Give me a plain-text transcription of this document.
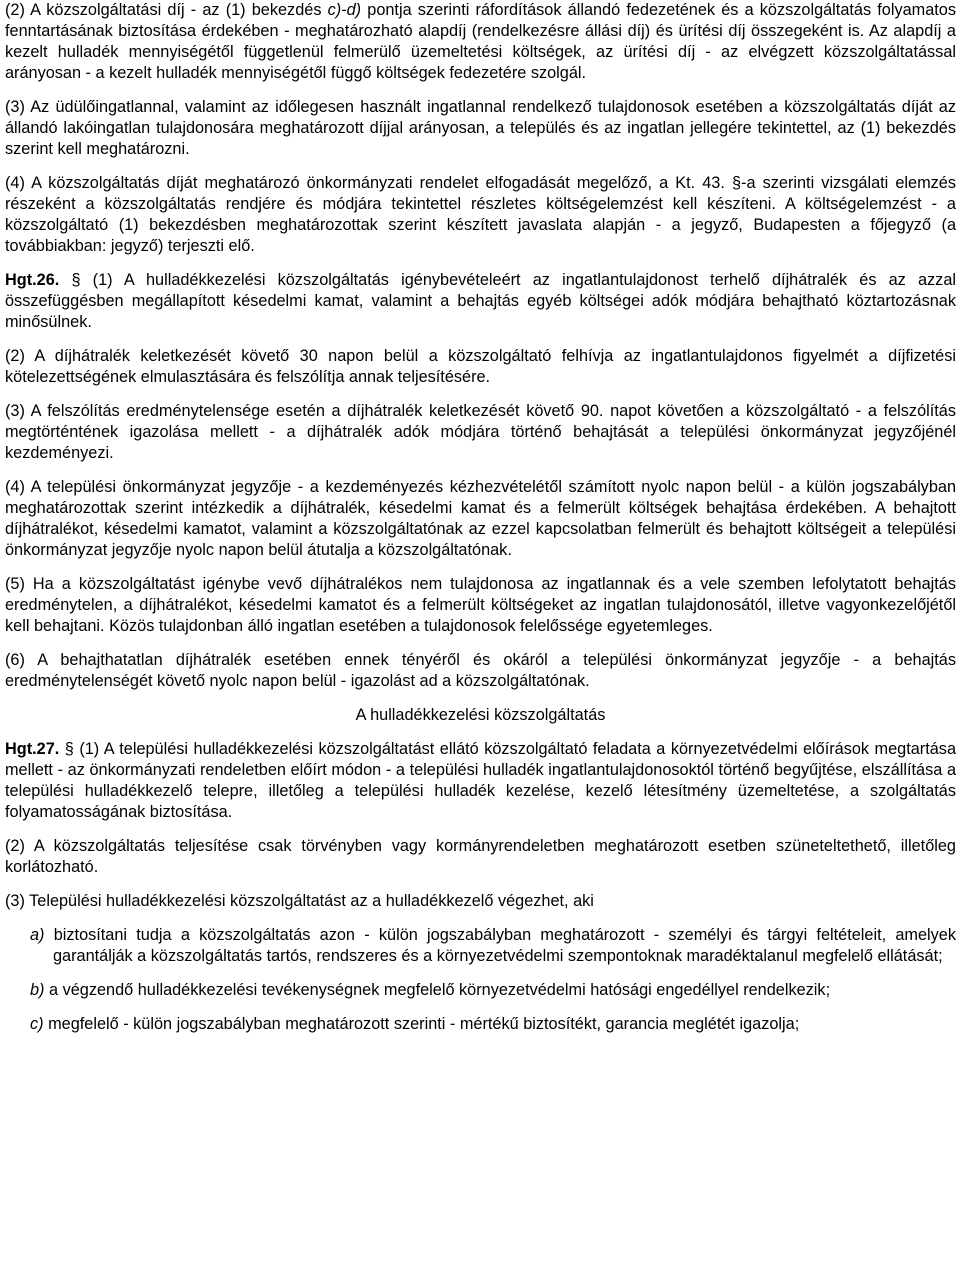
(2) A közszolgáltatási díj - az (1) bekezdés c)-d) pontja szerinti ráfordítások állandó fedezetének és a közszolgáltatás folyamatos fenntartásának biztosítása érdekében - meghatározható alapdíj (rendelkezésre állási díj) és ürítési díj összegeként is. Az alapdíj a kezelt hulladék mennyiségétől függetlenül felmerülő üzemeltetési költségek, az ürítési díj - az elvégzett közszolgáltatással arányosan - a kezelt hulladék mennyiségétől függő költségek fedezetére szolgál.

(3) Az üdülőingatlannal, valamint az időlegesen használt ingatlannal rendelkező tulajdonosok esetében a közszolgáltatás díját az állandó lakóingatlan tulajdonosára meghatározott díjjal arányosan, a település és az ingatlan jellegére tekintettel, az (1) bekezdés szerint kell meghatározni.

(4) A közszolgáltatás díját meghatározó önkormányzati rendelet elfogadását megelőző, a Kt. 43. §-a szerinti vizsgálati elemzés részeként a közszolgáltatás rendjére és módjára tekintettel részletes költségelemzést kell készíteni. A költségelemzést - a közszolgáltató (1) bekezdésben meghatározottak szerint készített javaslata alapján - a jegyző, Budapesten a főjegyző (a továbbiakban: jegyző) terjeszti elő.

Hgt.26. § (1) A hulladékkezelési közszolgáltatás igénybevételeért az ingatlantulajdonost terhelő díjhátralék és az azzal összefüggésben megállapított késedelmi kamat, valamint a behajtás egyéb költségei adók módjára behajtható köztartozásnak minősülnek.

(2) A díjhátralék keletkezését követő 30 napon belül a közszolgáltató felhívja az ingatlantulajdonos figyelmét a díjfizetési kötelezettségének elmulasztására és felszólítja annak teljesítésére.

(3) A felszólítás eredménytelensége esetén a díjhátralék keletkezését követő 90. napot követően a közszolgáltató - a felszólítás megtörténtének igazolása mellett - a díjhátralék adók módjára történő behajtását a települési önkormányzat jegyzőjénél kezdeményezi.

(4) A települési önkormányzat jegyzője - a kezdeményezés kézhezvételétől számított nyolc napon belül - a külön jogszabályban meghatározottak szerint intézkedik a díjhátralék, késedelmi kamat és a felmerült költségek behajtása érdekében. A behajtott díjhátralékot, késedelmi kamatot, valamint a közszolgáltatónak az ezzel kapcsolatban felmerült és behajtott költségeit a települési önkormányzat jegyzője nyolc napon belül átutalja a közszolgáltatónak.

(5) Ha a közszolgáltatást igénybe vevő díjhátralékos nem tulajdonosa az ingatlannak és a vele szemben lefolytatott behajtás eredménytelen, a díjhátralékot, késedelmi kamatot és a felmerült költségeket az ingatlan tulajdonosától, illetve vagyonkezelőjétől kell behajtani. Közös tulajdonban álló ingatlan esetében a tulajdonosok felelőssége egyetemleges.

(6) A behajthatatlan díjhátralék esetében ennek tényéről és okáról a települési önkormányzat jegyzője - a behajtás eredménytelenségét követő nyolc napon belül - igazolást ad a közszolgáltatónak.

A hulladékkezelési közszolgáltatás

Hgt.27. § (1) A települési hulladékkezelési közszolgáltatást ellátó közszolgáltató feladata a környezetvédelmi előírások megtartása mellett - az önkormányzati rendeletben előírt módon - a települési hulladék ingatlantulajdonosoktól történő begyűjtése, elszállítása a települési hulladékkezelő telepre, illetőleg a települési hulladék kezelése, kezelő létesítmény üzemeltetése, a szolgáltatás folyamatosságának biztosítása.

(2) A közszolgáltatás teljesítése csak törvényben vagy kormányrendeletben meghatározott esetben szüneteltethető, illetőleg korlátozható.

(3) Települési hulladékkezelési közszolgáltatást az a hulladékkezelő végezhet, aki

a) biztosítani tudja a közszolgáltatás azon - külön jogszabályban meghatározott - személyi és tárgyi feltételeit, amelyek garantálják a közszolgáltatás tartós, rendszeres és a környezetvédelmi szempontoknak maradéktalanul megfelelő ellátását;
b) a végzendő hulladékkezelési tevékenységnek megfelelő környezetvédelmi hatósági engedéllyel rendelkezik;
c) megfelelő - külön jogszabályban meghatározott szerinti - mértékű biztosítékt, garancia meglétét igazolja;
